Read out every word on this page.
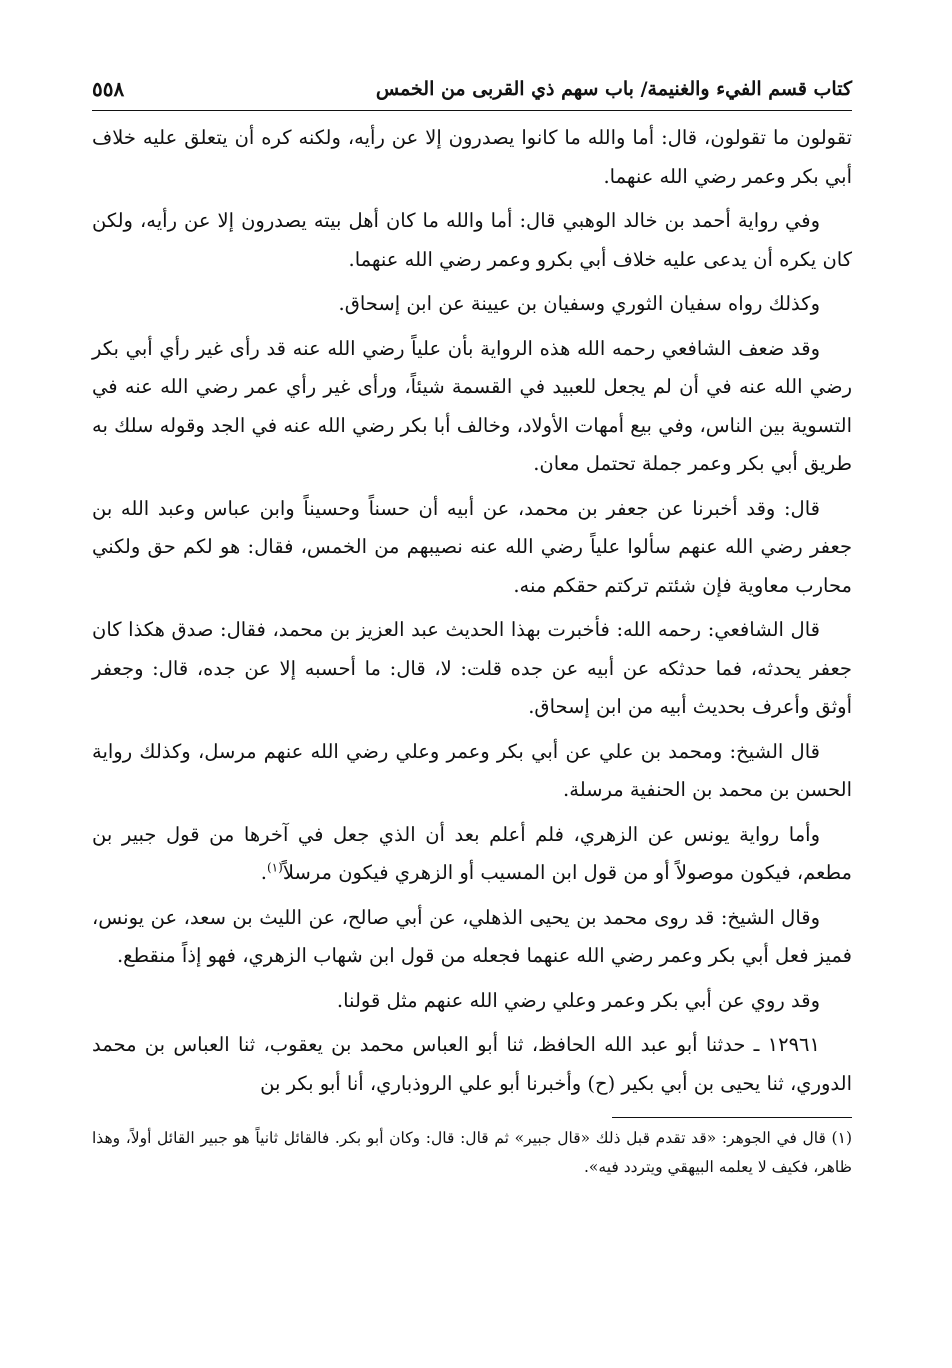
كتاب قسم الفيء والغنيمة/ باب سهم ذي القربى من الخمس
٥٥٨

تقولون ما تقولون، قال: أما والله ما كانوا يصدرون إلا عن رأيه، ولكنه كره أن يتعلق عليه خلاف أبي بكر وعمر رضي الله عنهما.

وفي رواية أحمد بن خالد الوهبي قال: أما والله ما كان أهل بيته يصدرون إلا عن رأيه، ولكن كان يكره أن يدعى عليه خلاف أبي بكرو وعمر رضي الله عنهما.

وكذلك رواه سفيان الثوري وسفيان بن عيينة عن ابن إسحاق.

وقد ضعف الشافعي رحمه الله هذه الرواية بأن علياً رضي الله عنه قد رأى غير رأي أبي بكر رضي الله عنه في أن لم يجعل للعبيد في القسمة شيئاً، ورأى غير رأي عمر رضي الله عنه في التسوية بين الناس، وفي بيع أمهات الأولاد، وخالف أبا بكر رضي الله عنه في الجد وقوله سلك به طريق أبي بكر وعمر جملة تحتمل معان.

قال: وقد أخبرنا عن جعفر بن محمد، عن أبيه أن حسناً وحسيناً وابن عباس وعبد الله بن جعفر رضي الله عنهم سألوا علياً رضي الله عنه نصيبهم من الخمس، فقال: هو لكم حق ولكني محارب معاوية فإن شئتم تركتم حقكم منه.

قال الشافعي: رحمه الله: فأخبرت بهذا الحديث عبد العزيز بن محمد، فقال: صدق هكذا كان جعفر يحدثه، فما حدثكه عن أبيه عن جده قلت: لا، قال: ما أحسبه إلا عن جده، قال: وجعفر أوثق وأعرف بحديث أبيه من ابن إسحاق.

قال الشيخ: ومحمد بن علي عن أبي بكر وعمر وعلي رضي الله عنهم مرسل، وكذلك رواية الحسن بن محمد بن الحنفية مرسلة.

وأما رواية يونس عن الزهري، فلم أعلم بعد أن الذي جعل في آخرها من قول جبير بن مطعم، فيكون موصولاً أو من قول ابن المسيب أو الزهري فيكون مرسلاً$^{(١)}$.

وقال الشيخ: قد روى محمد بن يحيى الذهلي، عن أبي صالح، عن الليث بن سعد، عن يونس، فميز فعل أبي بكر وعمر رضي الله عنهما فجعله من قول ابن شهاب الزهري، فهو إذاً منقطع.

وقد روي عن أبي بكر وعمر وعلي رضي الله عنهم مثل قولنا.

١٢٩٦١ ـ حدثنا أبو عبد الله الحافظ، ثنا أبو العباس محمد بن يعقوب، ثنا العباس بن محمد الدوري، ثنا يحيى بن أبي بكير (ح) وأخبرنا أبو علي الروذباري، أنا أبو بكر بن

(١) قال في الجوهر: «قد تقدم قبل ذلك «قال جبير» ثم قال: قال: وكان أبو بكر. فالقائل ثانياً هو جبير القائل أولاً، وهذا ظاهر، فكيف لا يعلمه البيهقي ويتردد فيه».
